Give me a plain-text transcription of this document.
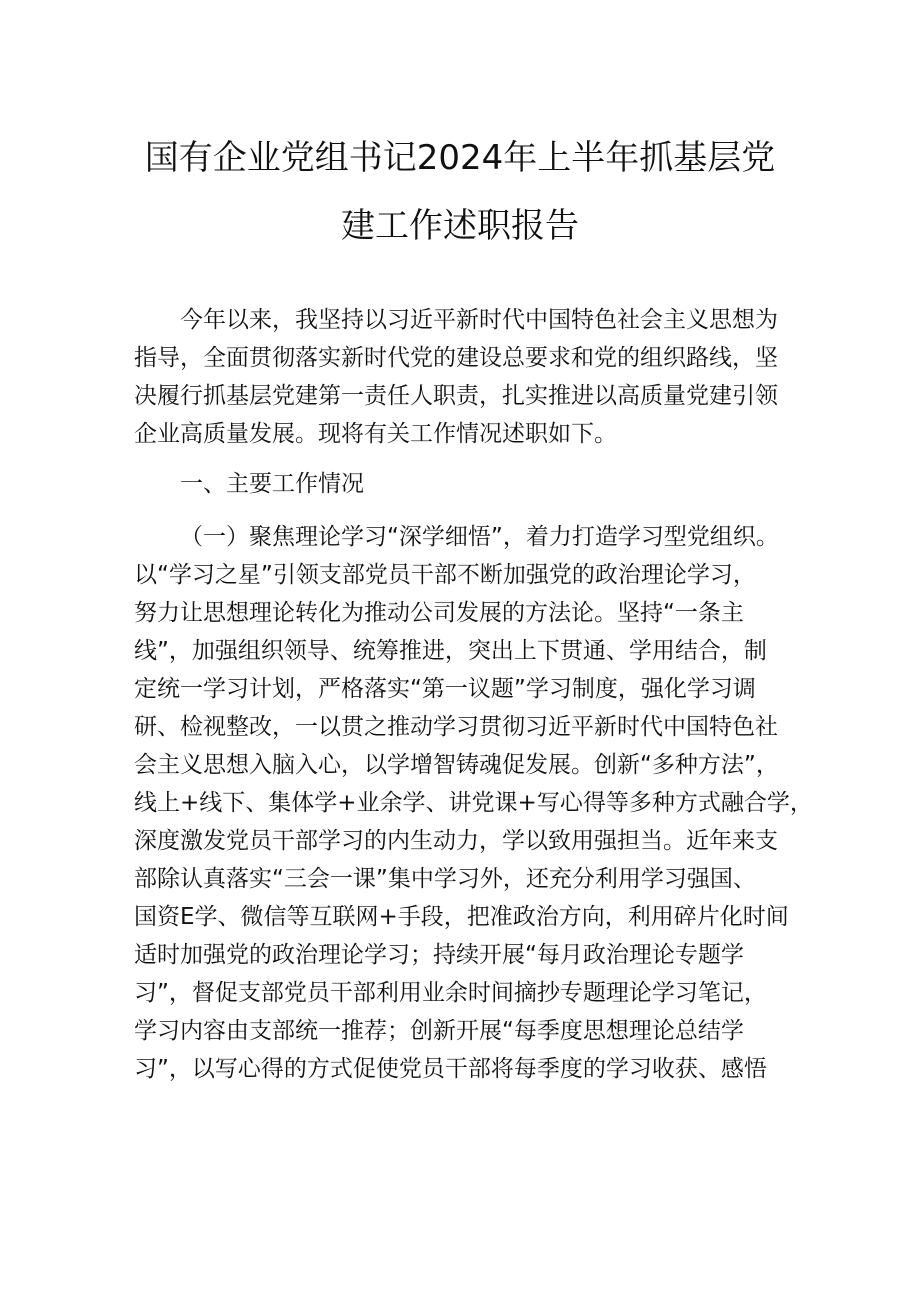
国有企业党组书记2024年上半年抓基层党
建工作述职报告
今年以来，我坚持以习近平新时代中国特色社会主义思想为
指导，全面贯彻落实新时代党的建设总要求和党的组织路线，坚
决履行抓基层党建第一责任人职责，扎实推进以高质量党建引领
企业高质量发展。现将有关工作情况述职如下。
一、主要工作情况
（一）聚焦理论学习“深学细悟”，着力打造学习型党组织。
以“学习之星”引领支部党员干部不断加强党的政治理论学习，
努力让思想理论转化为推动公司发展的方法论。坚持“一条主
线”，加强组织领导、统筹推进，突出上下贯通、学用结合，制
定统一学习计划，严格落实“第一议题”学习制度，强化学习调
研、检视整改，一以贯之推动学习贯彻习近平新时代中国特色社
会主义思想入脑入心，以学增智铸魂促发展。创新“多种方法”，
线上+线下、集体学+业余学、讲党课+写心得等多种方式融合学，
深度激发党员干部学习的内生动力，学以致用强担当。近年来支
部除认真落实“三会一课”集中学习外，还充分利用学习强国、
国资E学、微信等互联网+手段，把准政治方向，利用碎片化时间
适时加强党的政治理论学习；持续开展“每月政治理论专题学
习”，督促支部党员干部利用业余时间摘抄专题理论学习笔记，
学习内容由支部统一推荐；创新开展“每季度思想理论总结学
习”，以写心得的方式促使党员干部将每季度的学习收获、感悟
